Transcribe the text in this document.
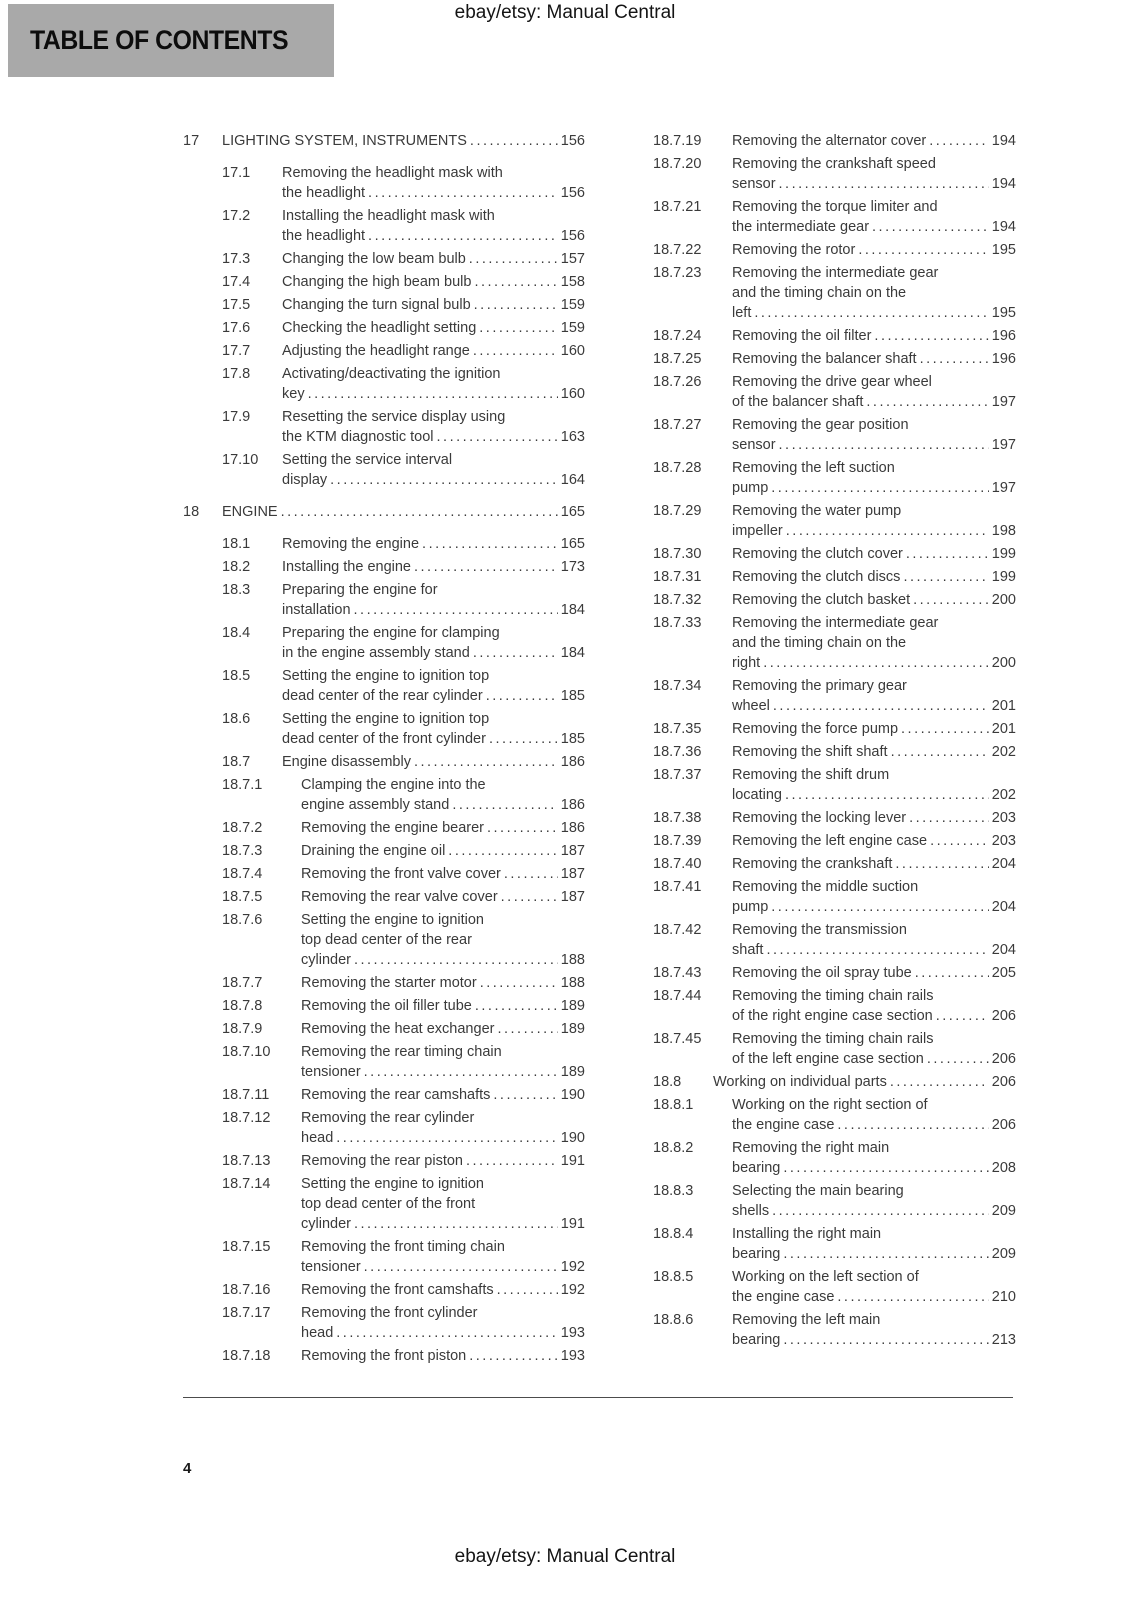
ebay/etsy: Manual Central
TABLE OF CONTENTS
17	LIGHTING SYSTEM, INSTRUMENTS .....	156
17.1	Removing the headlight mask with
the headlight .....	156
17.2	Installing the headlight mask with
the headlight .....	156
17.3	Changing the low beam bulb .....	157
17.4	Changing the high beam bulb .....	158
17.5	Changing the turn signal bulb .....	159
17.6	Checking the headlight setting .....	159
17.7	Adjusting the headlight range .....	160
17.8	Activating/deactivating the ignition
key .....	160
17.9	Resetting the service display using
the KTM diagnostic tool .....	163
17.10	Setting the service interval
display .....	164
18	ENGINE .....	165
18.1	Removing the engine .....	165
18.2	Installing the engine .....	173
18.3	Preparing the engine for
installation .....	184
18.4	Preparing the engine for clamping
in the engine assembly stand .....	184
18.5	Setting the engine to ignition top
dead center of the rear cylinder .....	185
18.6	Setting the engine to ignition top
dead center of the front cylinder .....	185
18.7	Engine disassembly .....	186
18.7.1	Clamping the engine into the
engine assembly stand .....	186
18.7.2	Removing the engine bearer .....	186
18.7.3	Draining the engine oil .....	187
18.7.4	Removing the front valve cover .....	187
18.7.5	Removing the rear valve cover .....	187
18.7.6	Setting the engine to ignition
top dead center of the rear
cylinder .....	188
18.7.7	Removing the starter motor .....	188
18.7.8	Removing the oil filler tube .....	189
18.7.9	Removing the heat exchanger .....	189
18.7.10	Removing the rear timing chain
tensioner .....	189
18.7.11	Removing the rear camshafts .....	190
18.7.12	Removing the rear cylinder
head .....	190
18.7.13	Removing the rear piston .....	191
18.7.14	Setting the engine to ignition
top dead center of the front
cylinder .....	191
18.7.15	Removing the front timing chain
tensioner .....	192
18.7.16	Removing the front camshafts .....	192
18.7.17	Removing the front cylinder
head .....	193
18.7.18	Removing the front piston .....	193
18.7.19	Removing the alternator cover .....	194
18.7.20	Removing the crankshaft speed
sensor .....	194
18.7.21	Removing the torque limiter and
the intermediate gear .....	194
18.7.22	Removing the rotor .....	195
18.7.23	Removing the intermediate gear
and the timing chain on the
left .....	195
18.7.24	Removing the oil filter .....	196
18.7.25	Removing the balancer shaft .....	196
18.7.26	Removing the drive gear wheel
of the balancer shaft .....	197
18.7.27	Removing the gear position
sensor .....	197
18.7.28	Removing the left suction
pump .....	197
18.7.29	Removing the water pump
impeller .....	198
18.7.30	Removing the clutch cover .....	199
18.7.31	Removing the clutch discs .....	199
18.7.32	Removing the clutch basket .....	200
18.7.33	Removing the intermediate gear
and the timing chain on the
right .....	200
18.7.34	Removing the primary gear
wheel .....	201
18.7.35	Removing the force pump .....	201
18.7.36	Removing the shift shaft .....	202
18.7.37	Removing the shift drum
locating .....	202
18.7.38	Removing the locking lever .....	203
18.7.39	Removing the left engine case .....	203
18.7.40	Removing the crankshaft .....	204
18.7.41	Removing the middle suction
pump .....	204
18.7.42	Removing the transmission
shaft .....	204
18.7.43	Removing the oil spray tube .....	205
18.7.44	Removing the timing chain rails
of the right engine case section .....	206
18.7.45	Removing the timing chain rails
of the left engine case section .....	206
18.8	Working on individual parts .....	206
18.8.1	Working on the right section of
the engine case .....	206
18.8.2	Removing the right main
bearing .....	208
18.8.3	Selecting the main bearing
shells .....	209
18.8.4	Installing the right main
bearing .....	209
18.8.5	Working on the left section of
the engine case .....	210
18.8.6	Removing the left main
bearing .....	213
4
ebay/etsy: Manual Central
